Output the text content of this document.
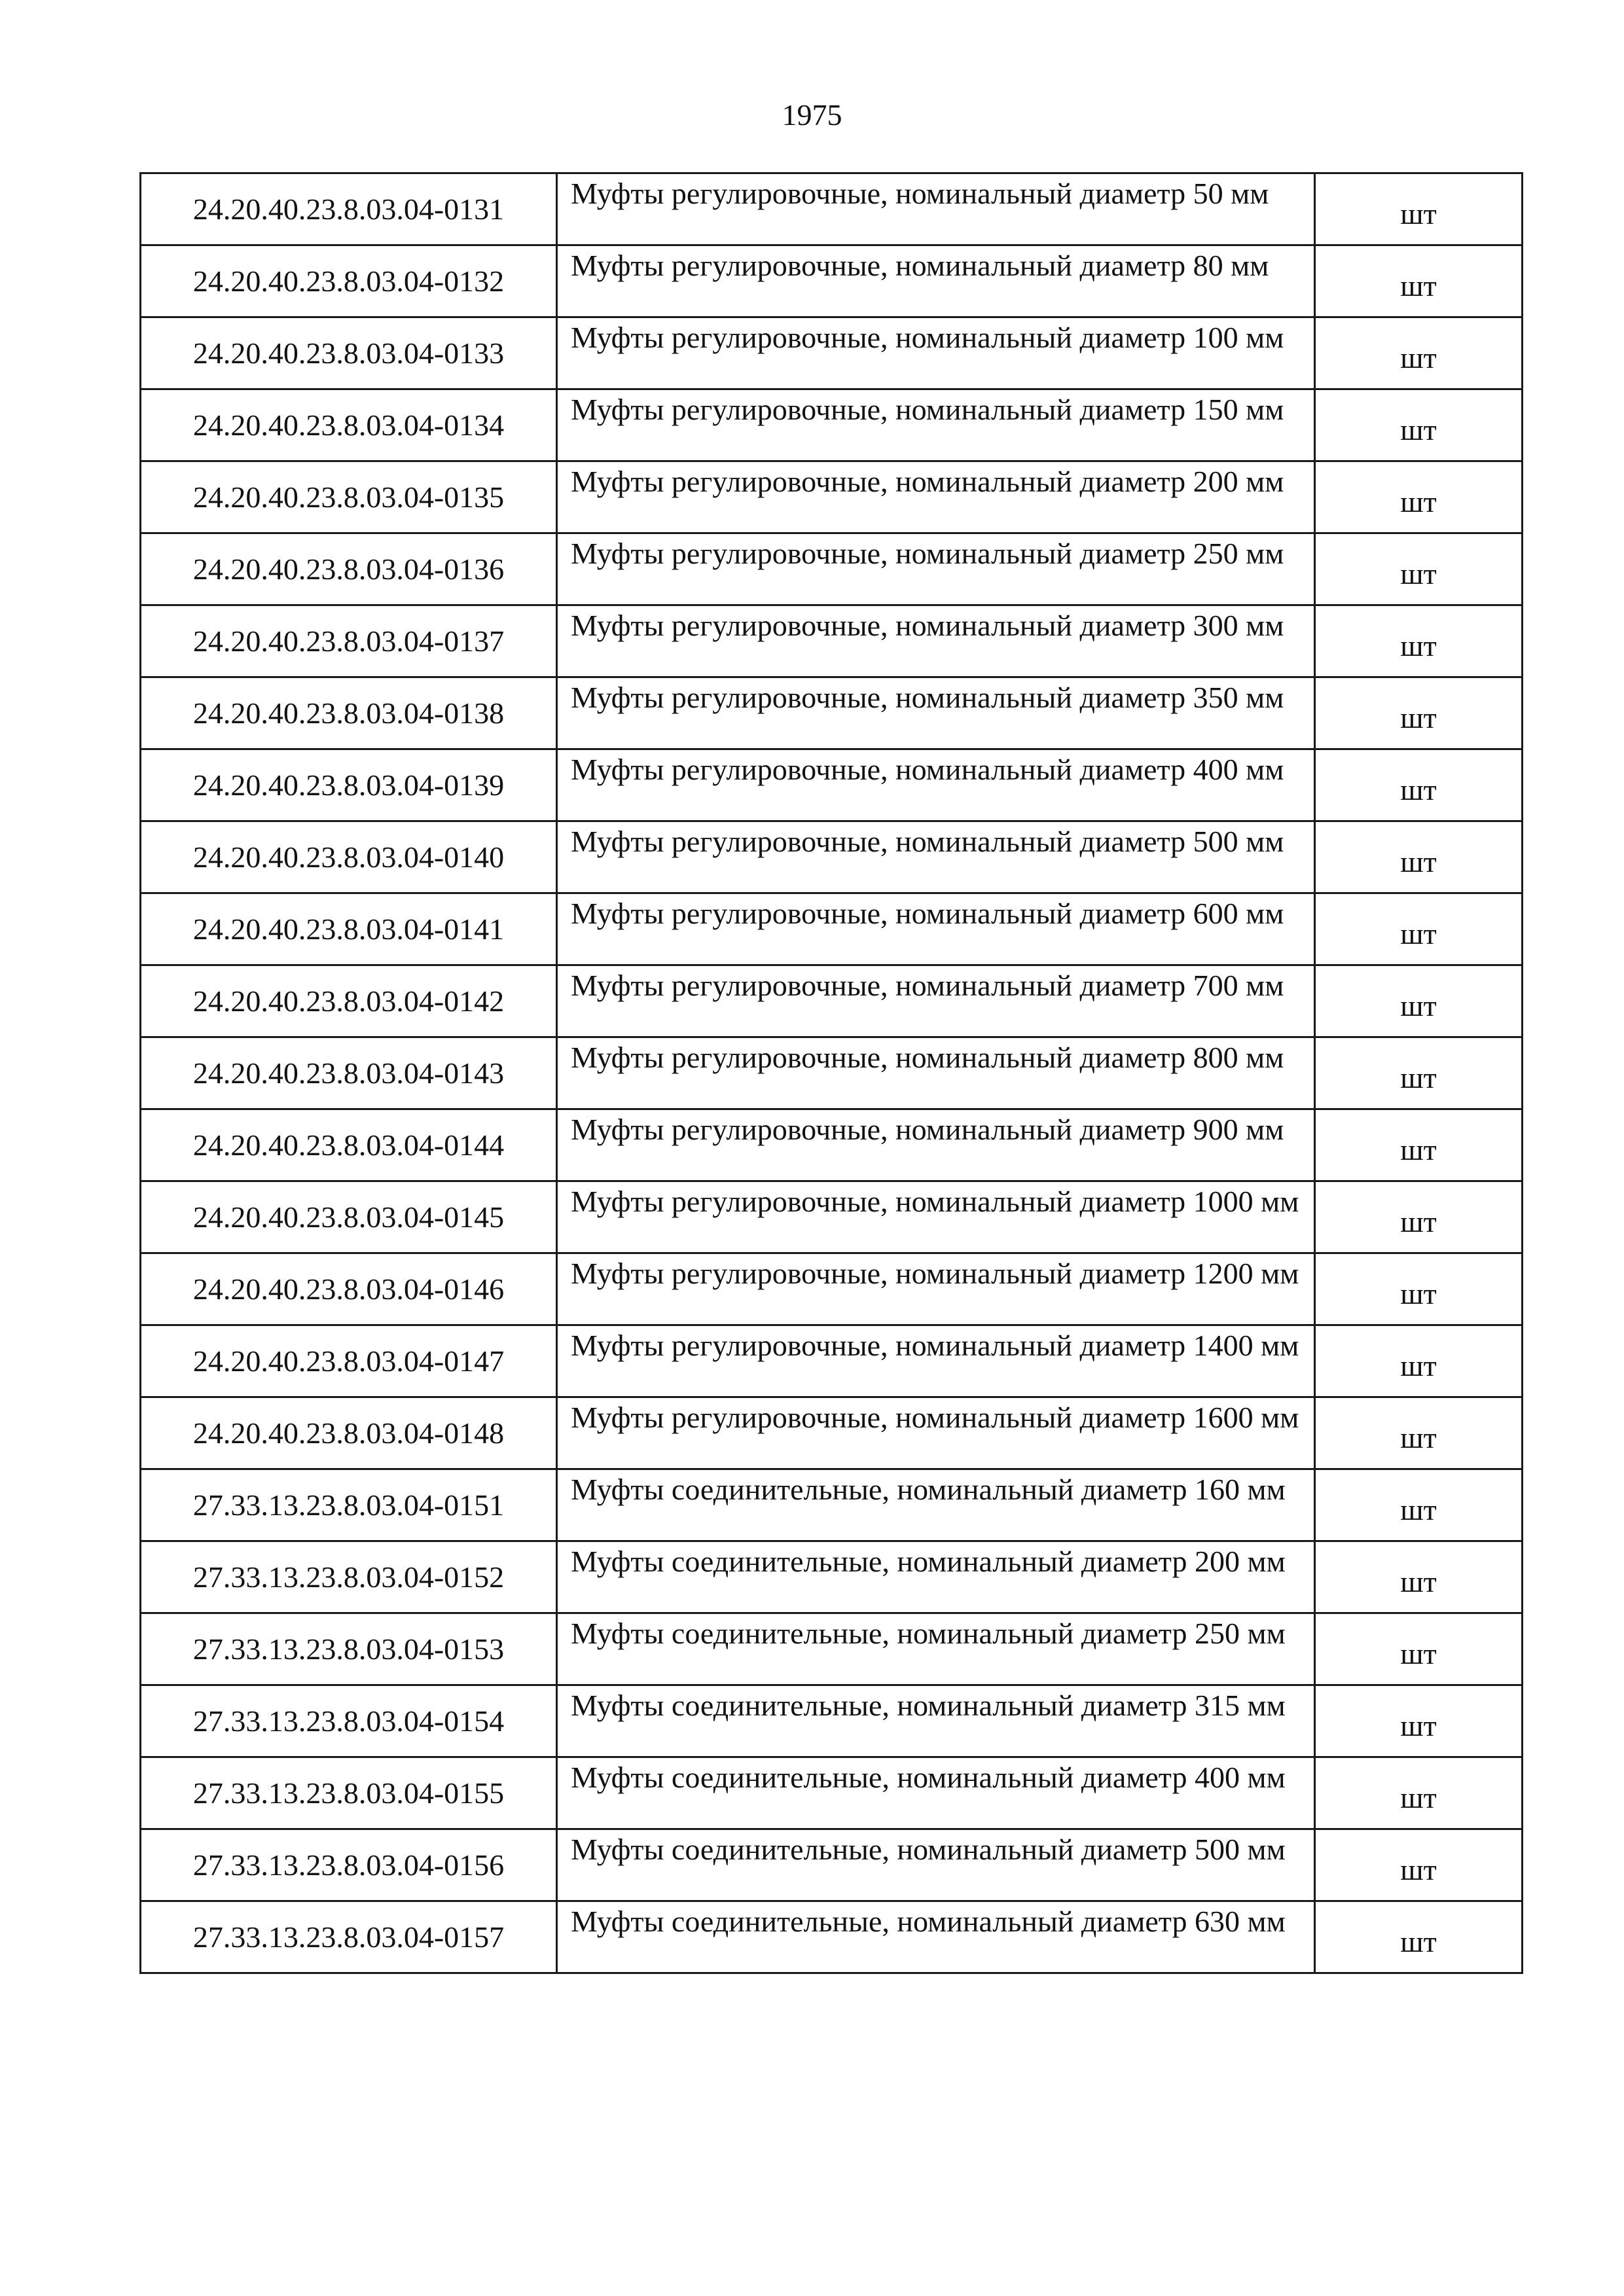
1975
24.20.40.23.8.03.04-0131	Муфты регулировочные, номинальный диаметр 50 мм	шт
24.20.40.23.8.03.04-0132	Муфты регулировочные, номинальный диаметр 80 мм	шт
24.20.40.23.8.03.04-0133	Муфты регулировочные, номинальный диаметр 100 мм	шт
24.20.40.23.8.03.04-0134	Муфты регулировочные, номинальный диаметр 150 мм	шт
24.20.40.23.8.03.04-0135	Муфты регулировочные, номинальный диаметр 200 мм	шт
24.20.40.23.8.03.04-0136	Муфты регулировочные, номинальный диаметр 250 мм	шт
24.20.40.23.8.03.04-0137	Муфты регулировочные, номинальный диаметр 300 мм	шт
24.20.40.23.8.03.04-0138	Муфты регулировочные, номинальный диаметр 350 мм	шт
24.20.40.23.8.03.04-0139	Муфты регулировочные, номинальный диаметр 400 мм	шт
24.20.40.23.8.03.04-0140	Муфты регулировочные, номинальный диаметр 500 мм	шт
24.20.40.23.8.03.04-0141	Муфты регулировочные, номинальный диаметр 600 мм	шт
24.20.40.23.8.03.04-0142	Муфты регулировочные, номинальный диаметр 700 мм	шт
24.20.40.23.8.03.04-0143	Муфты регулировочные, номинальный диаметр 800 мм	шт
24.20.40.23.8.03.04-0144	Муфты регулировочные, номинальный диаметр 900 мм	шт
24.20.40.23.8.03.04-0145	Муфты регулировочные, номинальный диаметр 1000 мм	шт
24.20.40.23.8.03.04-0146	Муфты регулировочные, номинальный диаметр 1200 мм	шт
24.20.40.23.8.03.04-0147	Муфты регулировочные, номинальный диаметр 1400 мм	шт
24.20.40.23.8.03.04-0148	Муфты регулировочные, номинальный диаметр 1600 мм	шт
27.33.13.23.8.03.04-0151	Муфты соединительные, номинальный диаметр 160 мм	шт
27.33.13.23.8.03.04-0152	Муфты соединительные, номинальный диаметр 200 мм	шт
27.33.13.23.8.03.04-0153	Муфты соединительные, номинальный диаметр 250 мм	шт
27.33.13.23.8.03.04-0154	Муфты соединительные, номинальный диаметр 315 мм	шт
27.33.13.23.8.03.04-0155	Муфты соединительные, номинальный диаметр 400 мм	шт
27.33.13.23.8.03.04-0156	Муфты соединительные, номинальный диаметр 500 мм	шт
27.33.13.23.8.03.04-0157	Муфты соединительные, номинальный диаметр 630 мм	шт
